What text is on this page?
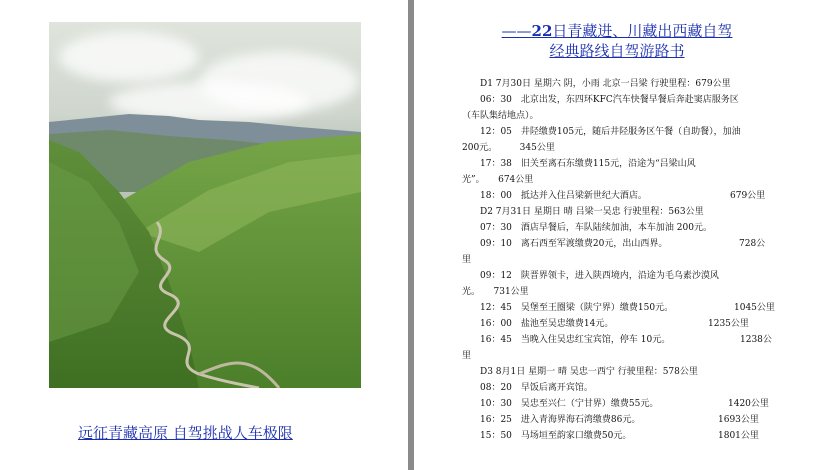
远征青藏高原 自驾挑战人车极限
——22日青藏进、川藏出西藏自驾
经典路线自驾游路书
D1 7月30日 星期六 阴，小雨 北京一吕梁 行驶里程：679公里
06：30　北京出发，东四环KFC汽车快餐早餐后奔赴窦店服务区
（车队集结地点）。
12：05　井陉缴费105元，随后井陉服务区午餐（自助餐），加油
200元。　　　345公里
17：38　旧关至离石东缴费115元，沿途为“吕梁山风
光”。　　674公里
18：00　抵达并入住吕梁新世纪大酒店。	679公里
D2 7月31日 星期日 晴 吕梁一吴忠 行驶里程：563公里
07：30　酒店早餐后，车队陆续加油，本车加油 200元。
09：10　离石西至军渡缴费20元，出山西界。	728公
里
09：12　陕晋界领卡，进入陕西境内，沿途为毛乌素沙漠风
光。　　731公里
12：45　吴堡至王圈梁（陕宁界）缴费150元。	1045公里
16：00　盐池至吴忠缴费14元。	1235公里
16：45　当晚入住吴忠红宝宾馆，停车 10元。	1238公
里
D3 8月1日 星期一 晴 吴忠一西宁 行驶里程：578公里
08：20　早饭后离开宾馆。
10：30　吴忠至兴仁（宁甘界）缴费55元。	1420公里
16：25　进入青海界海石湾缴费86元。	1693公里
15：50　马场垣至韵家口缴费50元。	1801公里
